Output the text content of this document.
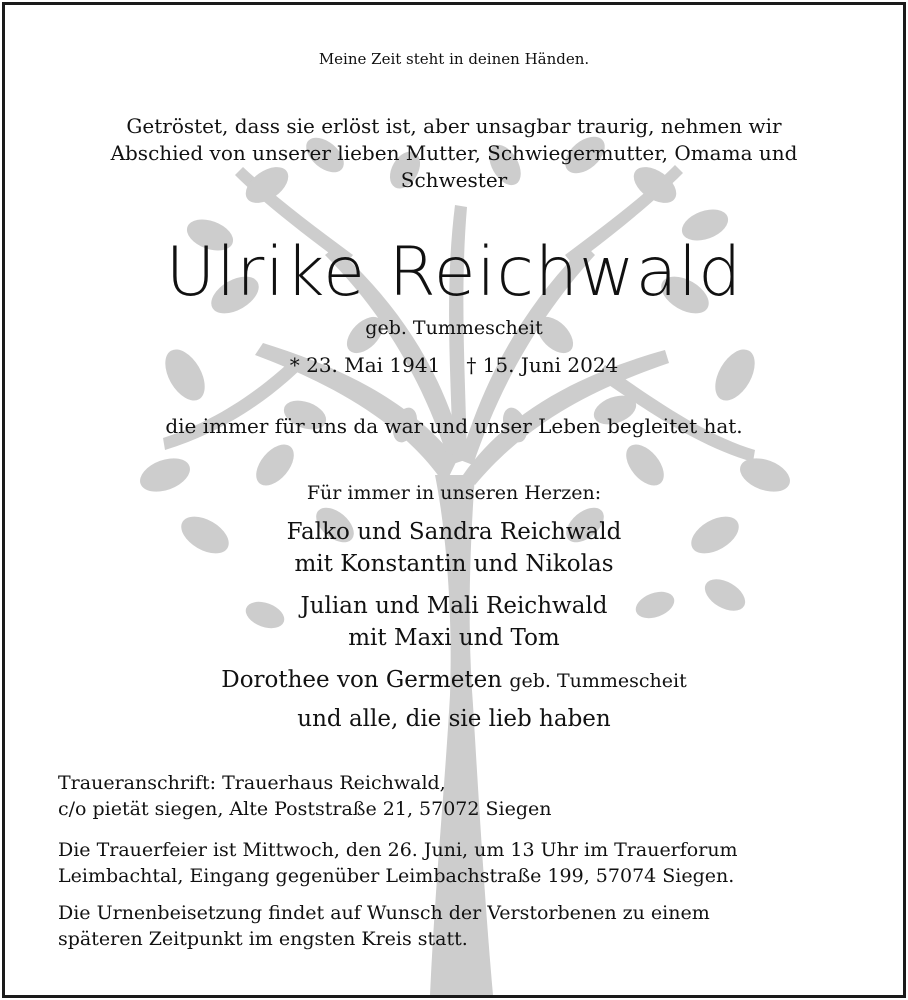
Meine Zeit steht in deinen Händen.
Getröstet, dass sie erlöst ist, aber unsagbar traurig, nehmen wir
Abschied von unserer lieben Mutter, Schwiegermutter, Omama und
Schwester
Ulrike Reichwald
geb. Tummescheit
* 23. Mai 1941 † 15. Juni 2024
die immer für uns da war und unser Leben begleitet hat.
Für immer in unseren Herzen:
Falko und Sandra Reichwald
mit Konstantin und Nikolas
Julian und Mali Reichwald
mit Maxi und Tom
Dorothee von Germeten geb. Tummescheit
und alle, die sie lieb haben
Traueranschrift: Trauerhaus Reichwald,
c/o pietät siegen, Alte Poststraße 21, 57072 Siegen
Die Trauerfeier ist Mittwoch, den 26. Juni, um 13 Uhr im Trauerforum
Leimbachtal, Eingang gegenüber Leimbachstraße 199, 57074 Siegen.
Die Urnenbeisetzung findet auf Wunsch der Verstorbenen zu einem
späteren Zeitpunkt im engsten Kreis statt.
